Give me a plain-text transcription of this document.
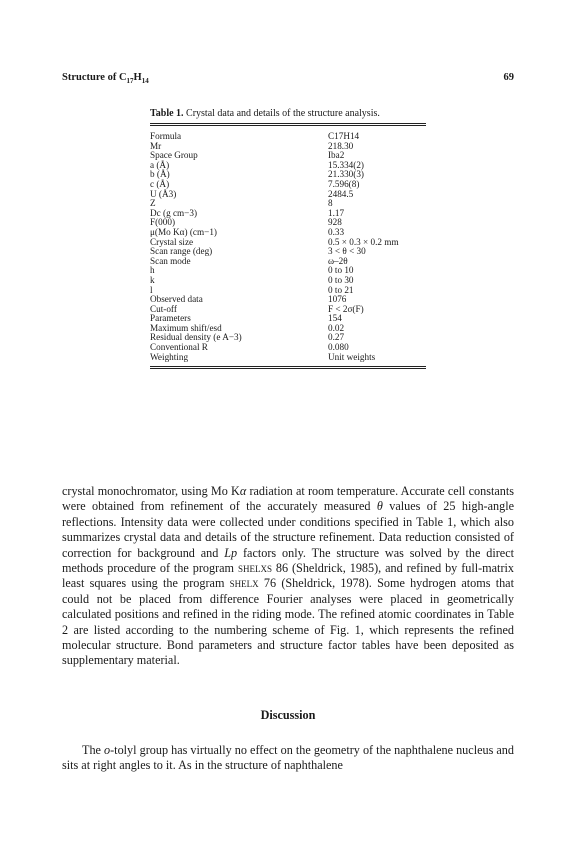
Structure of $C_{17}H_{14}$	69

Table 1. Crystal data and details of the structure analysis.

Formula	C17H14
Mr	218.30
Space Group	Iba2
a (Å)	15.334(2)
b (Å)	21.330(3)
c (Å)	7.596(8)
U (Å3)	2484.5
Z	8
Dc (g cm−3)	1.17
F(000)	928
μ(Mo Kα) (cm−1)	0.33
Crystal size	0.5 × 0.3 × 0.2 mm
Scan range (deg)	3 < θ < 30
Scan mode	ω–2θ
h	0 to 10
k	0 to 30
l	0 to 21
Observed data	1076
Cut-off	F < 2σ(F)
Parameters	154
Maximum shift/esd	0.02
Residual density (e A−3)	0.27
Conventional R	0.080
Weighting	Unit weights

crystal monochromator, using Mo Kα radiation at room temperature. Accurate cell constants were obtained from refinement of the accurately measured θ values of 25 high-angle reflections. Intensity data were collected under conditions specified in Table 1, which also summarizes crystal data and details of the structure refinement. Data reduction consisted of correction for background and Lp factors only. The structure was solved by the direct methods procedure of the program shelxs 86 (Sheldrick, 1985), and refined by full-matrix least squares using the program shelx 76 (Sheldrick, 1978). Some hydrogen atoms that could not be placed from difference Fourier analyses were placed in geometrically calculated positions and refined in the riding mode. The refined atomic coordinates in Table 2 are listed according to the numbering scheme of Fig. 1, which represents the refined molecular structure. Bond parameters and structure factor tables have been deposited as supplementary material.

Discussion

The o-tolyl group has virtually no effect on the geometry of the naphthalene nucleus and sits at right angles to it. As in the structure of naphthalene
